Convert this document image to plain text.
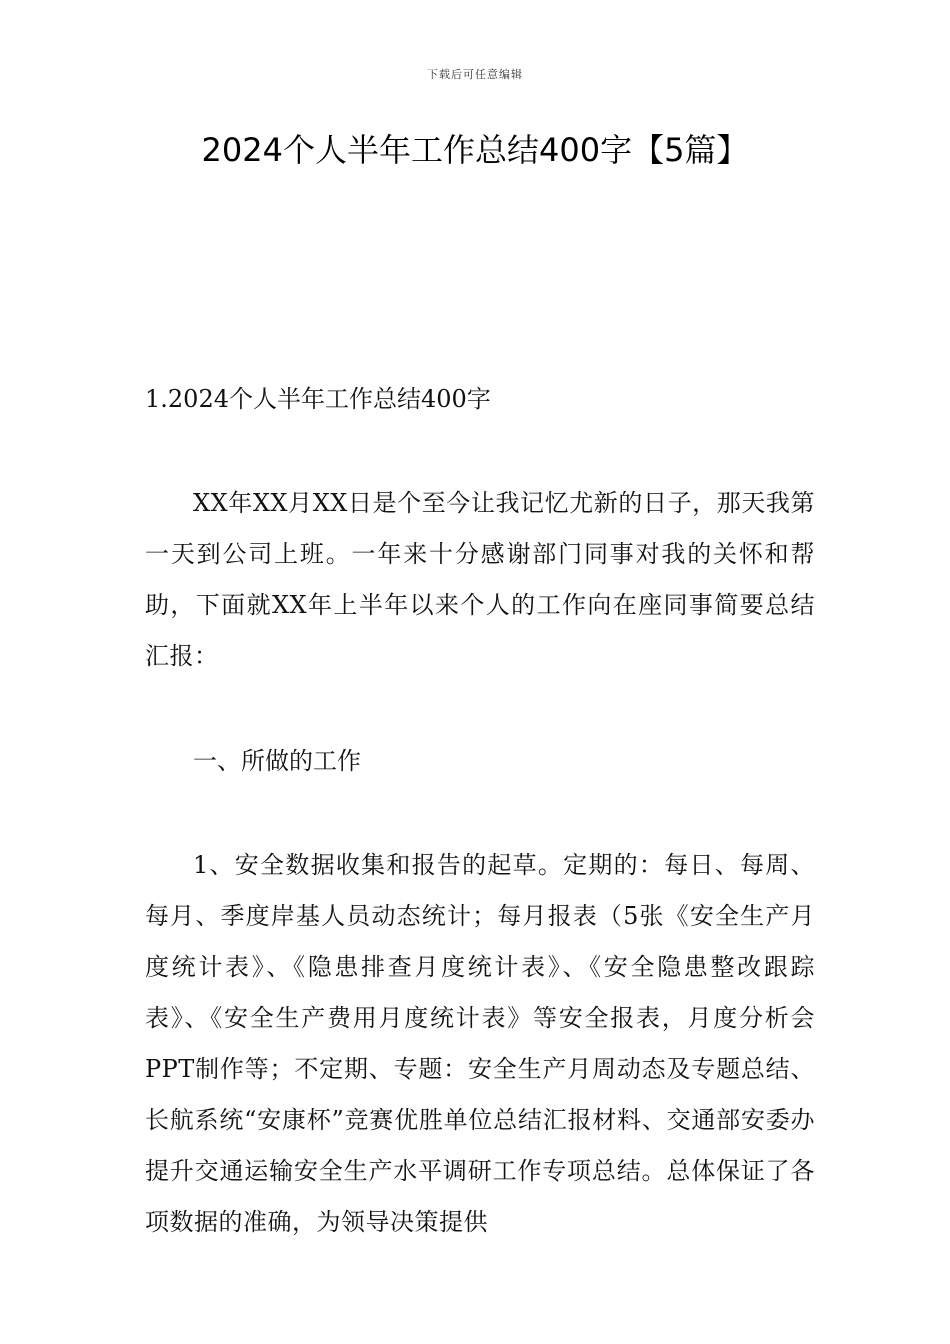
下载后可任意编辑
2024个人半年工作总结400字【5篇】
1.2024个人半年工作总结400字

XX年XX月XX日是个至今让我记忆尤新的日子，那天我第一天到公司上班。一年来十分感谢部门同事对我的关怀和帮助，下面就XX年上半年以来个人的工作向在座同事简要总结汇报：

一、所做的工作

1、安全数据收集和报告的起草。定期的：每日、每周、每月、季度岸基人员动态统计；每月报表（5张《安全生产月度统计表》、《隐患排查月度统计表》、《安全隐患整改跟踪表》、《安全生产费用月度统计表》等安全报表，月度分析会PPT制作等；不定期、专题：安全生产月周动态及专题总结、长航系统“安康杯”竞赛优胜单位总结汇报材料、交通部安委办提升交通运输安全生产水平调研工作专项总结。总体保证了各项数据的准确，为领导决策提供
